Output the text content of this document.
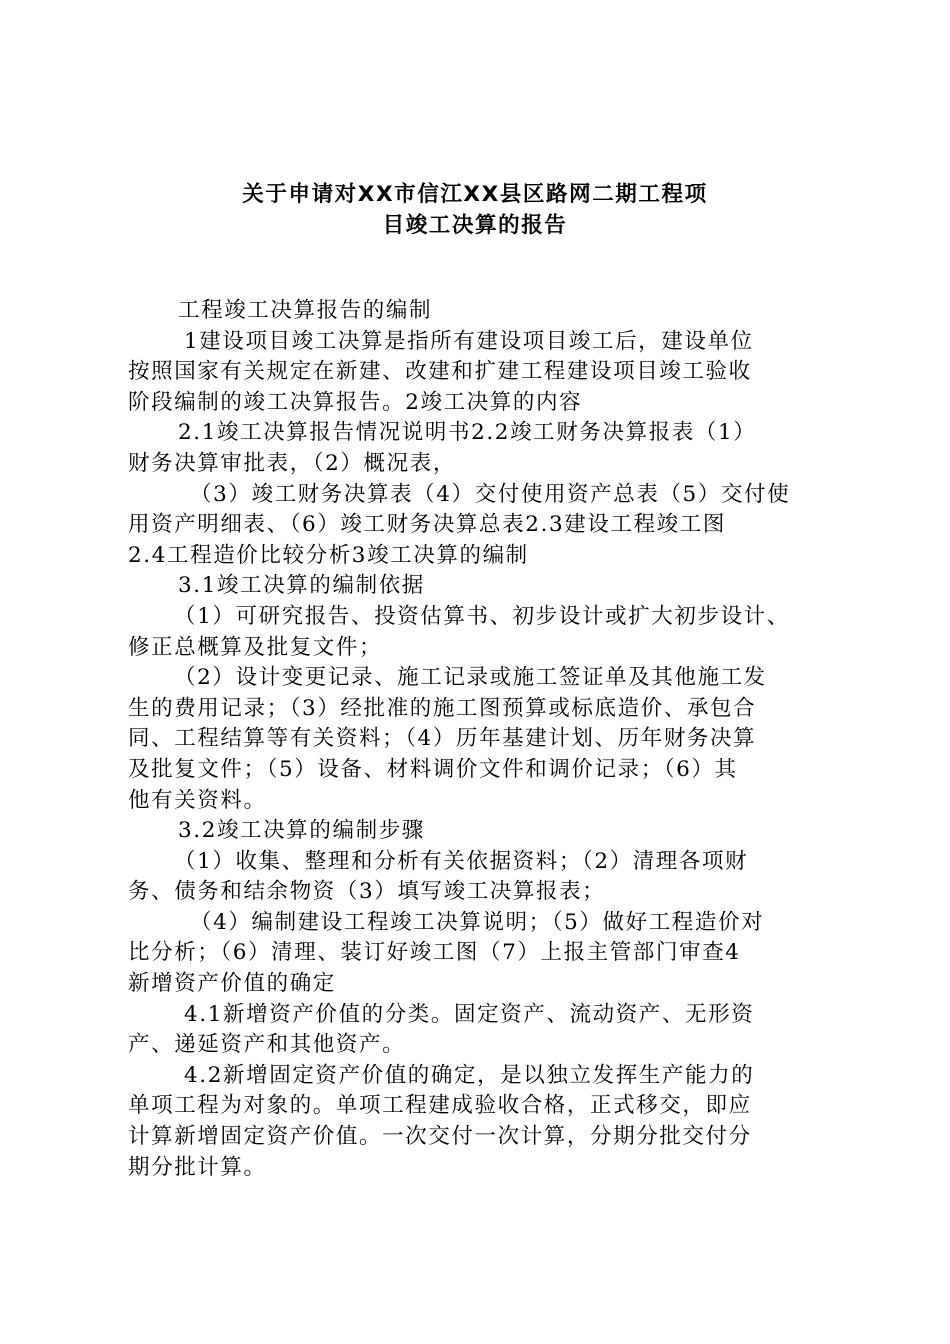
关于申请对XX市信江XX县区路网二期工程项
目竣工决算的报告
工程竣工决算报告的编制
1建设项目竣工决算是指所有建设项目竣工后，建设单位
按照国家有关规定在新建、改建和扩建工程建设项目竣工验收
阶段编制的竣工决算报告。2竣工决算的内容
2.1竣工决算报告情况说明书2.2竣工财务决算报表（1）
财务决算审批表，（2）概况表，
（3）竣工财务决算表（4）交付使用资产总表（5）交付使
用资产明细表、（6）竣工财务决算总表2.3建设工程竣工图
2.4工程造价比较分析3竣工决算的编制
3.1竣工决算的编制依据
（1）可研究报告、投资估算书、初步设计或扩大初步设计、
修正总概算及批复文件；
（2）设计变更记录、施工记录或施工签证单及其他施工发
生的费用记录；（3）经批准的施工图预算或标底造价、承包合
同、工程结算等有关资料；（4）历年基建计划、历年财务决算
及批复文件；（5）设备、材料调价文件和调价记录；（6）其
他有关资料。
3.2竣工决算的编制步骤
（1）收集、整理和分析有关依据资料；（2）清理各项财
务、债务和结余物资（3）填写竣工决算报表；
（4）编制建设工程竣工决算说明；（5）做好工程造价对
比分析；（6）清理、装订好竣工图（7）上报主管部门审查4
新增资产价值的确定
4.1新增资产价值的分类。固定资产、流动资产、无形资
产、递延资产和其他资产。
4.2新增固定资产价值的确定，是以独立发挥生产能力的
单项工程为对象的。单项工程建成验收合格，正式移交，即应
计算新增固定资产价值。一次交付一次计算，分期分批交付分
期分批计算。
